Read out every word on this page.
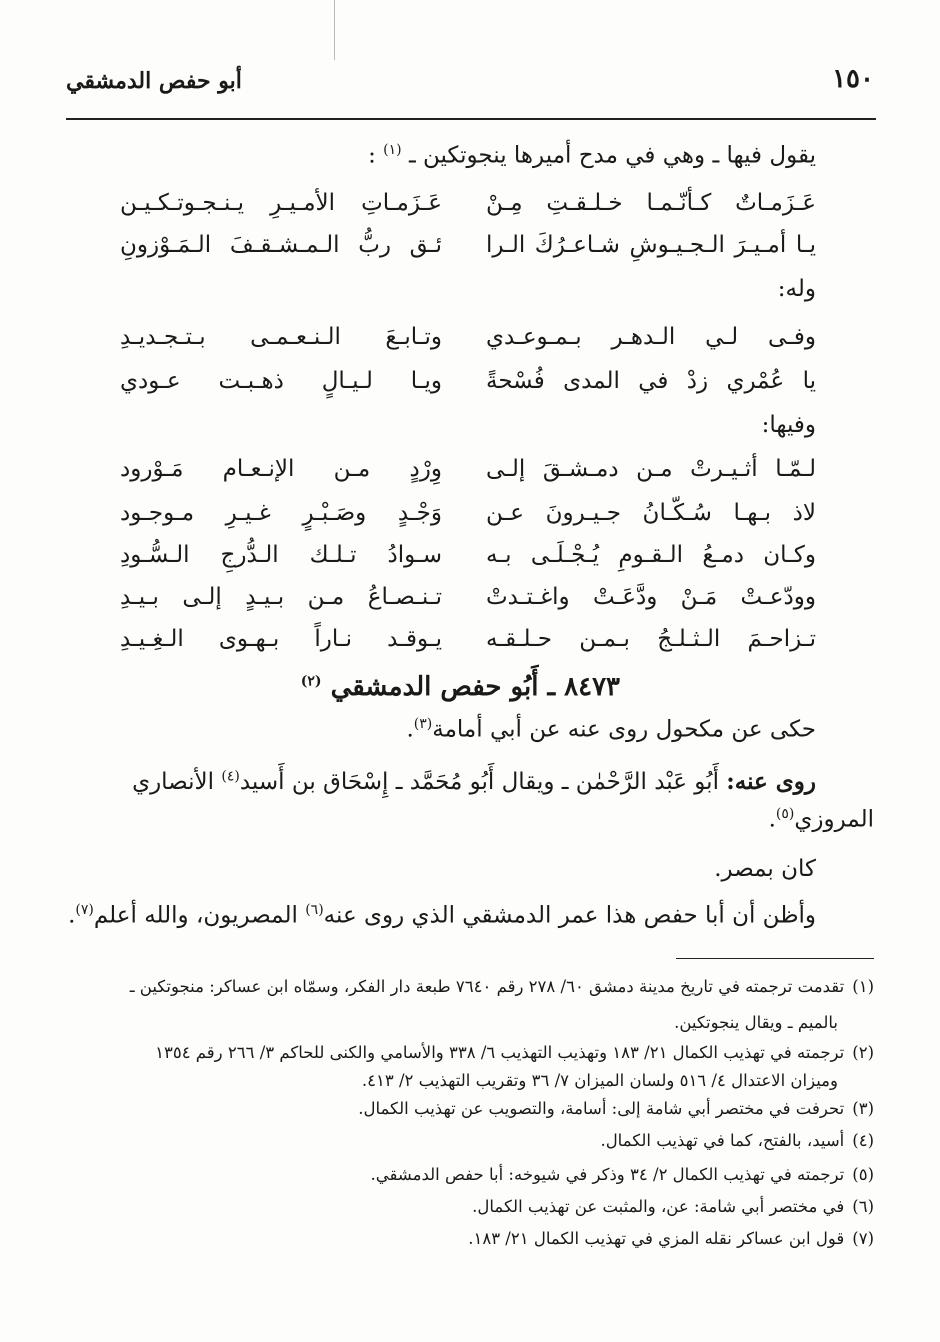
١٥٠
أبو حفص الدمشقي
يقول فيها ـ وهي في مدح أميرها ينجوتكين ـ $^{(١)}$ :
عَـزَمـاتٌ كـأنّـمـا خـلـقـتِ مِـنْ
عَـزَمـاتِ الأمـيـرِ يـنـجـوتـكـيـن
يـا أمـيـرَ الـجـيـوشِ شـاعـرُكَ الـرا
ئـق ربُّ الـمـشـقـفَ الـمَـوْزونِ
وله:
وفـى لـي الـدهـر بـمـوعـدي
وتـابـعَ الـنـعـمـى بـتـجـديـدِ
يا عُمْري زدْ في المدى فُسْحةً
ويـا لـيـالٍ ذهـبـت عـودي
وفيها:
لـمّـا أثـيـرتْ مـن دمـشـقَ إلـى
وِرْدٍ مـن الإنـعـام مَـوْرود
لاذ بـهـا سُـكّـانُ جـيـرونَ عـن
وَجْـدٍ وصَـبْـرٍ غـيـرِ مـوجـود
وكـان دمـعُ الـقـومِ يُـجْـلَـى بـه
سـوادُ تـلـك الـدُّرجِ الـسُّـودِ
وودّعـتْ مَـنْ ودَّعَـتْ واغـتـدتْ
تـنـصـاعُ مـن بـيـدٍ إلـى بـيـدِ
تـزاحـمَ الـثـلـجُ بـمـن حـلـقـه
يـوقـد نـاراً بـهـوى الـغِـيـدِ
٨٤٧٣ ـ أَبُو حفص الدمشقي $^{(٢)}$
حكى عن مكحول روى عنه عن أبي أمامة$^{(٣)}$.
روى عنه: أَبُو عَبْد الرَّحْمٰن ـ ويقال أَبُو مُحَمَّد ـ إِسْحَاق بن أَسيد$^{(٤)}$ الأنصاري
المروزي$^{(٥)}$.
كان بمصر.
وأظن أن أبا حفص هذا عمر الدمشقي الذي روى عنه$^{(٦)}$ المصريون، والله أعلم$^{(٧)}$.
(١)تقدمت ترجمته في تاريخ مدينة دمشق ٦٠/ ٢٧٨ رقم ٧٦٤٠ طبعة دار الفكر، وسمّاه ابن عساكر: منجوتكين ـ
بالميم ـ ويقال ينجوتكين.
(٢)ترجمته في تهذيب الكمال ٢١/ ١٨٣ وتهذيب التهذيب ٦/ ٣٣٨ والأسامي والكنى للحاكم ٣/ ٢٦٦ رقم ١٣٥٤
وميزان الاعتدال ٤/ ٥١٦ ولسان الميزان ٧/ ٣٦ وتقريب التهذيب ٢/ ٤١٣.
(٣)تحرفت في مختصر أبي شامة إلى: أسامة، والتصويب عن تهذيب الكمال.
(٤)أسيد، بالفتح، كما في تهذيب الكمال.
(٥)ترجمته في تهذيب الكمال ٢/ ٣٤ وذكر في شيوخه: أبا حفص الدمشقي.
(٦)في مختصر أبي شامة: عن، والمثبت عن تهذيب الكمال.
(٧)قول ابن عساكر نقله المزي في تهذيب الكمال ٢١/ ١٨٣.
